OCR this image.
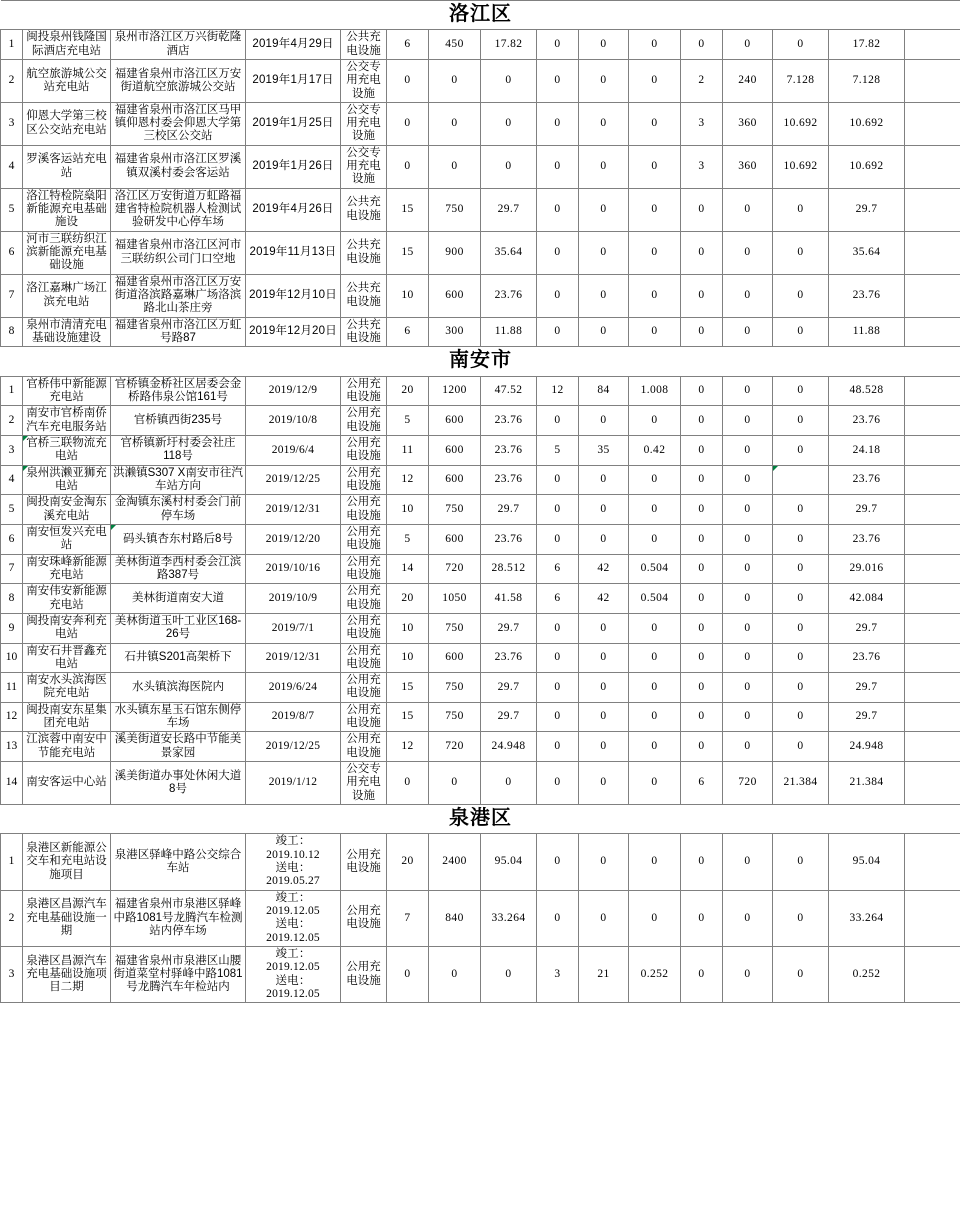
洛江区															
1	闽投泉州钱隆国际酒店充电站	泉州市洛江区万兴街乾隆酒店	2019年4月29日	公共充电设施	6	450	17.82	0	0	0	0	0	0	17.82	
2	航空旅游城公交站充电站	福建省泉州市洛江区万安街道航空旅游城公交站	2019年1月17日	公交专用充电设施	0	0	0	0	0	0	2	240	7.128	7.128	
3	仰恩大学第三校区公交站充电站	福建省泉州市洛江区马甲镇仰恩村委会仰恩大学第三校区公交站	2019年1月25日	公交专用充电设施	0	0	0	0	0	0	3	360	10.692	10.692	
4	罗溪客运站充电站	福建省泉州市洛江区罗溪镇双溪村委会客运站	2019年1月26日	公交专用充电设施	0	0	0	0	0	0	3	360	10.692	10.692	
5	洛江特检院燊阳新能源充电基础施设	洛江区万安街道万虹路福建省特检院机器人检测试验研发中心停车场	2019年4月26日	公共充电设施	15	750	29.7	0	0	0	0	0	0	29.7	
6	河市三联纺织江滨新能源充电基础设施	福建省泉州市洛江区河市三联纺织公司门口空地	2019年11月13日	公共充电设施	15	900	35.64	0	0	0	0	0	0	35.64	
7	洛江嘉琳广场江滨充电站	福建省泉州市洛江区万安街道洛滨路嘉琳广场洛滨路北山茶庄旁	2019年12月10日	公共充电设施	10	600	23.76	0	0	0	0	0	0	23.76	
8	泉州市清清充电基础设施建设	福建省泉州市洛江区万虹号路87	2019年12月20日	公共充电设施	6	300	11.88	0	0	0	0	0	0	11.88	
南安市															
1	官桥伟中新能源充电站	官桥镇金桥社区居委会金桥路伟泉公馆161号	2019/12/9	公用充电设施	20	1200	47.52	12	84	1.008	0	0	0	48.528	
2	南安市官桥南侨汽车充电服务站	官桥镇西街235号	2019/10/8	公用充电设施	5	600	23.76	0	0	0	0	0	0	23.76	
3	官桥三联物流充电站	官桥镇新圩村委会社庄118号	2019/6/4	公用充电设施	11	600	23.76	5	35	0.42	0	0	0	24.18	
4	泉州洪濑亚狮充电站	洪濑镇S307 X南安市往汽车站方向	2019/12/25	公用充电设施	12	600	23.76	0	0	0	0	0		23.76	
5	闽投南安金淘东溪充电站	金淘镇东溪村村委会门前停车场	2019/12/31	公用充电设施	10	750	29.7	0	0	0	0	0	0	29.7	
6	南安恒发兴充电站	码头镇杏东村路后8号	2019/12/20	公用充电设施	5	600	23.76	0	0	0	0	0	0	23.76	
7	南安珠峰新能源充电站	美林街道李西村委会江滨路387号	2019/10/16	公用充电设施	14	720	28.512	6	42	0.504	0	0	0	29.016	
8	南安伟安新能源充电站	美林街道南安大道	2019/10/9	公用充电设施	20	1050	41.58	6	42	0.504	0	0	0	42.084	
9	闽投南安奔利充电站	美林街道玉叶工业区168-26号	2019/7/1	公用充电设施	10	750	29.7	0	0	0	0	0	0	29.7	
10	南安石井晋鑫充电站	石井镇S201高架桥下	2019/12/31	公用充电设施	10	600	23.76	0	0	0	0	0	0	23.76	
11	南安水头滨海医院充电站	水头镇滨海医院内	2019/6/24	公用充电设施	15	750	29.7	0	0	0	0	0	0	29.7	
12	闽投南安东星集团充电站	水头镇东星玉石馆东侧停车场	2019/8/7	公用充电设施	15	750	29.7	0	0	0	0	0	0	29.7	
13	江滨蓉中南安中节能充电站	溪美街道安长路中节能美景家园	2019/12/25	公用充电设施	12	720	24.948	0	0	0	0	0	0	24.948	
14	南安客运中心站	溪美街道办事处休闲大道8号	2019/1/12	公交专用充电设施	0	0	0	0	0	0	6	720	21.384	21.384	
泉港区															
1	泉港区新能源公交车和充电站设施项目	泉港区驿峰中路公交综合车站	竣工：
2019.10.12
送电：
2019.05.27	公用充电设施	20	2400	95.04	0	0	0	0	0	0	95.04	
2	泉港区昌源汽车充电基础设施一期	福建省泉州市泉港区驿峰中路1081号龙腾汽车检测站内停车场	竣工：
2019.12.05
送电：
2019.12.05	公用充电设施	7	840	33.264	0	0	0	0	0	0	33.264	
3	泉港区昌源汽车充电基础设施项目二期	福建省泉州市泉港区山腰街道菜堂村驿峰中路1081号龙腾汽车年检站内	竣工：
2019.12.05
送电：
2019.12.05	公用充电设施	0	0	0	3	21	0.252	0	0	0	0.252	
